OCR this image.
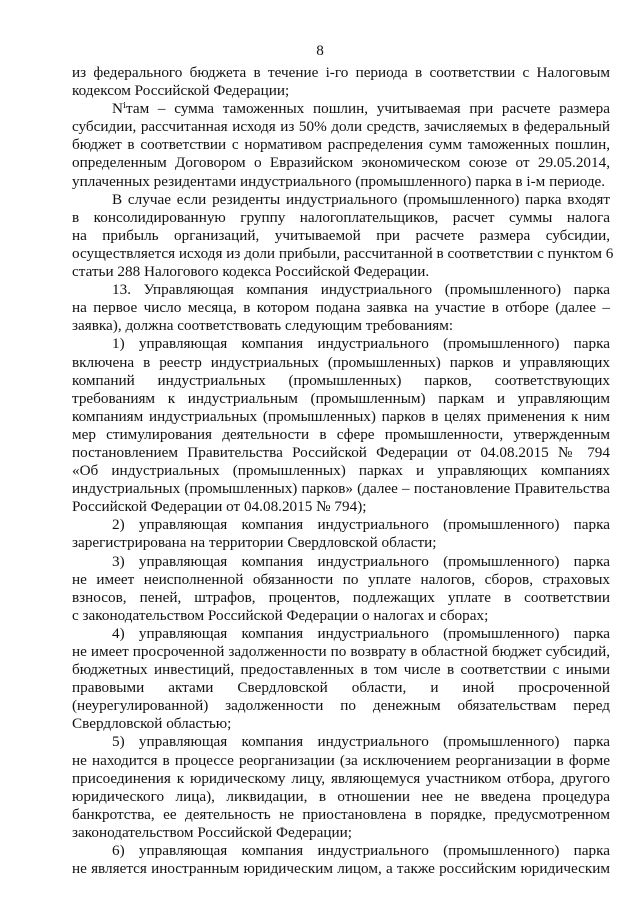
8
из федерального бюджета в течение i-го периода в соответствии с Налоговым
кодексом Российской Федерации;
Nⁱтам – сумма таможенных пошлин, учитываемая при расчете размера
субсидии, рассчитанная исходя из 50% доли средств, зачисляемых в федеральный
бюджет в соответствии с нормативом распределения сумм таможенных пошлин,
определенным Договором о Евразийском экономическом союзе от 29.05.2014,
уплаченных резидентами индустриального (промышленного) парка в i-м периоде.
В случае если резиденты индустриального (промышленного) парка входят
в консолидированную группу налогоплательщиков, расчет суммы налога
на прибыль организаций, учитываемой при расчете размера субсидии,
осуществляется исходя из доли прибыли, рассчитанной в соответствии с пунктом 6
статьи 288 Налогового кодекса Российской Федерации.
13. Управляющая компания индустриального (промышленного) парка
на первое число месяца, в котором подана заявка на участие в отборе (далее –
заявка), должна соответствовать следующим требованиям:
1) управляющая компания индустриального (промышленного) парка
включена в реестр индустриальных (промышленных) парков и управляющих
компаний индустриальных (промышленных) парков, соответствующих
требованиям к индустриальным (промышленным) паркам и управляющим
компаниям индустриальных (промышленных) парков в целях применения к ним
мер стимулирования деятельности в сфере промышленности, утвержденным
постановлением Правительства Российской Федерации от 04.08.2015 № 794
«Об индустриальных (промышленных) парках и управляющих компаниях
индустриальных (промышленных) парков» (далее – постановление Правительства
Российской Федерации от 04.08.2015 № 794);
2) управляющая компания индустриального (промышленного) парка
зарегистрирована на территории Свердловской области;
3) управляющая компания индустриального (промышленного) парка
не имеет неисполненной обязанности по уплате налогов, сборов, страховых
взносов, пеней, штрафов, процентов, подлежащих уплате в соответствии
с законодательством Российской Федерации о налогах и сборах;
4) управляющая компания индустриального (промышленного) парка
не имеет просроченной задолженности по возврату в областной бюджет субсидий,
бюджетных инвестиций, предоставленных в том числе в соответствии с иными
правовыми актами Свердловской области, и иной просроченной
(неурегулированной) задолженности по денежным обязательствам перед
Свердловской областью;
5) управляющая компания индустриального (промышленного) парка
не находится в процессе реорганизации (за исключением реорганизации в форме
присоединения к юридическому лицу, являющемуся участником отбора, другого
юридического лица), ликвидации, в отношении нее не введена процедура
банкротства, ее деятельность не приостановлена в порядке, предусмотренном
законодательством Российской Федерации;
6) управляющая компания индустриального (промышленного) парка
не является иностранным юридическим лицом, а также российским юридическим
